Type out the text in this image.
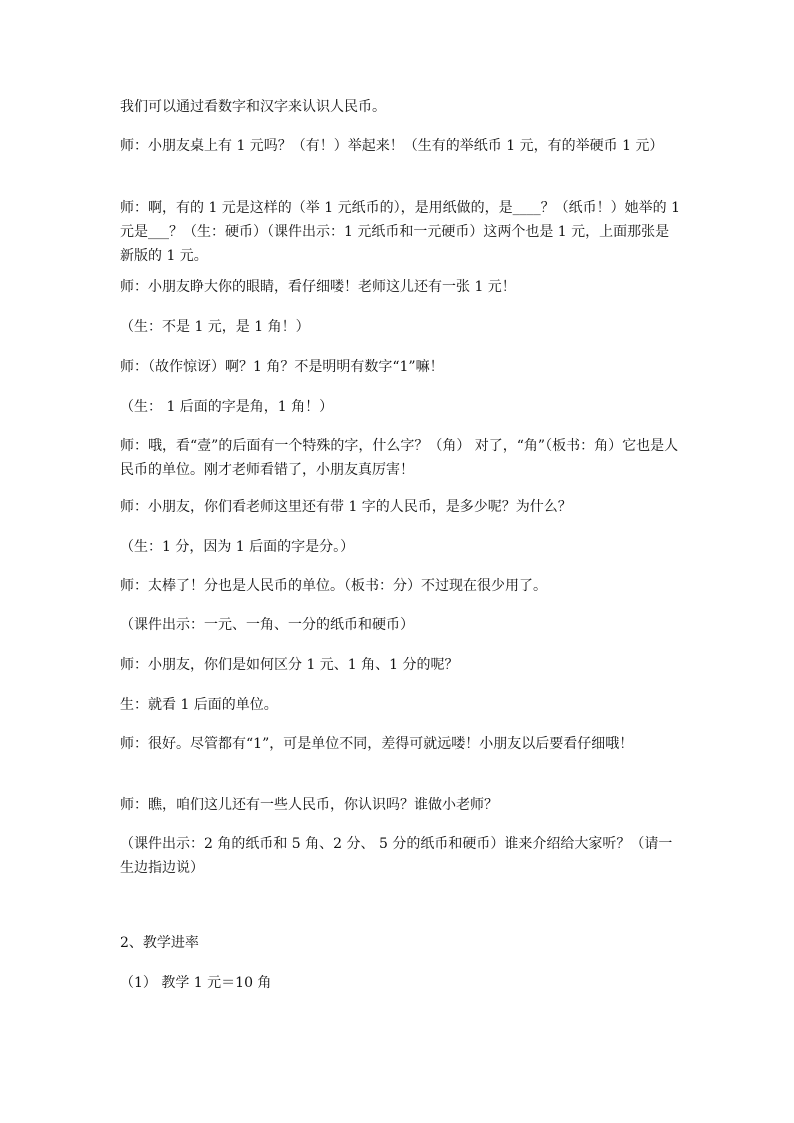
我们可以通过看数字和汉字来认识人民币。

师：小朋友桌上有 1 元吗？（有！）举起来！（生有的举纸币 1 元，有的举硬币 1 元）

师：啊，有的 1 元是这样的（举 1 元纸币的），是用纸做的，是____？（纸币！）她举的 1 元是___？（生：硬币）（课件出示：1 元纸币和一元硬币）这两个也是 1 元，上面那张是新版的 1 元。

师：小朋友睁大你的眼睛，看仔细喽！老师这儿还有一张 1 元！

（生：不是 1 元，是 1 角！）

师：（故作惊讶）啊？1 角？不是明明有数字“1”嘛！

（生： 1 后面的字是角，1 角！）

师：哦，看“壹”的后面有一个特殊的字，什么字？（角） 对了，“角”（板书：角）它也是人民币的单位。刚才老师看错了，小朋友真厉害！

师：小朋友，你们看老师这里还有带 1 字的人民币，是多少呢？为什么？

（生：1 分，因为 1 后面的字是分。）

师：太棒了！分也是人民币的单位。（板书：分）不过现在很少用了。

（课件出示：一元、一角、一分的纸币和硬币）

师：小朋友，你们是如何区分 1 元、1 角、1 分的呢？

生：就看 1 后面的单位。

师：很好。尽管都有“1”，可是单位不同，差得可就远喽！小朋友以后要看仔细哦！

师：瞧，咱们这儿还有一些人民币，你认识吗？谁做小老师？

（课件出示：2 角的纸币和 5 角、2 分、 5 分的纸币和硬币）谁来介绍给大家听？（请一生边指边说）

2、教学进率

（1） 教学 1 元＝10 角
